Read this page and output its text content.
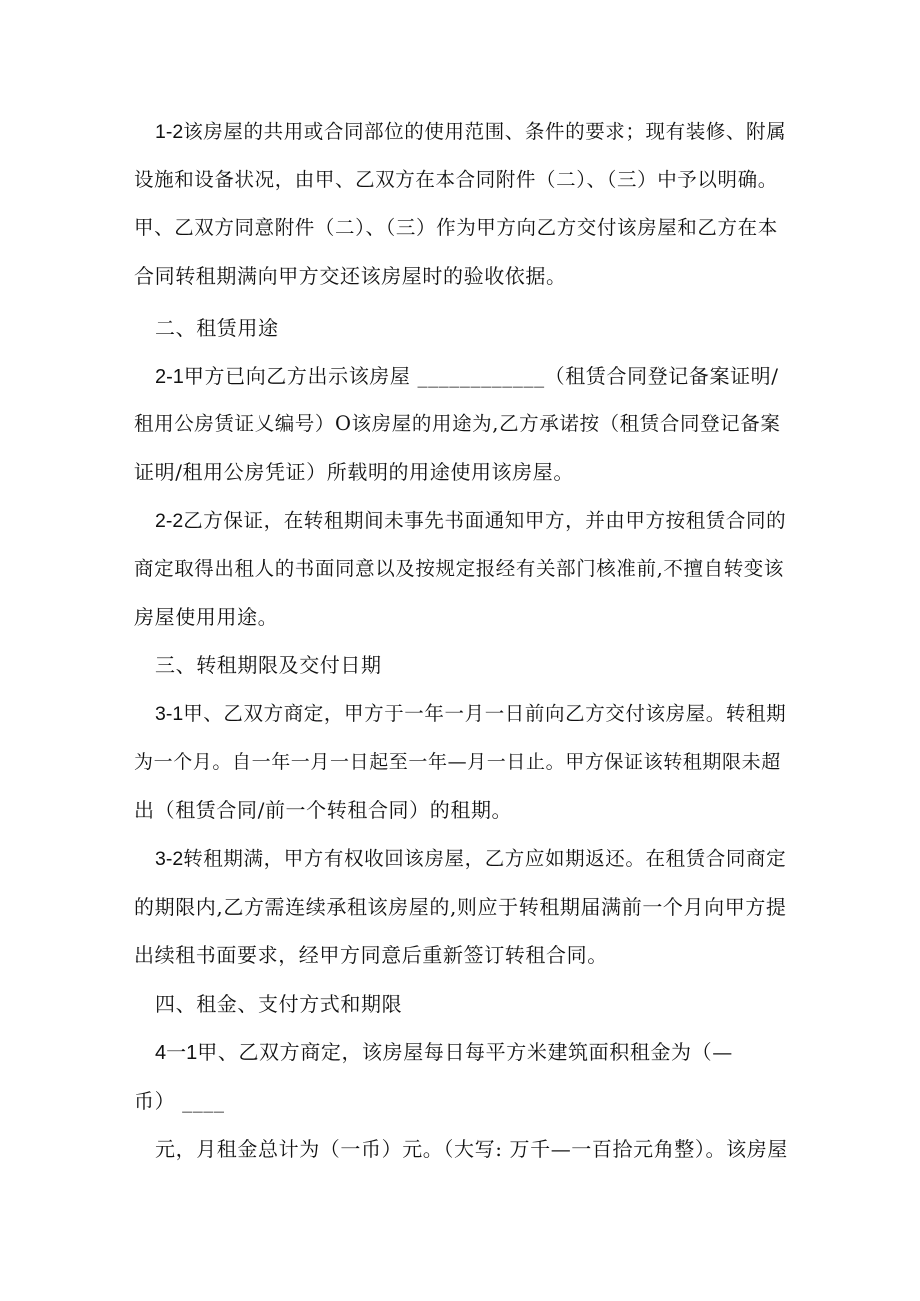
1-2该房屋的共用或合同部位的使用范围、条件的要求；现有装修、附属
设施和设备状况，由甲、乙双方在本合同附件（二）、（三）中予以明确。
甲、乙双方同意附件（二）、（三）作为甲方向乙方交付该房屋和乙方在本
合同转租期满向甲方交还该房屋时的验收依据。
二、租赁用途
2-1甲方已向乙方出示该房屋 ____________（租赁合同登记备案证明/
租用公房赁证乂编号）O该房屋的用途为,乙方承诺按（租赁合同登记备案
证明/租用公房凭证）所载明的用途使用该房屋。
2-2乙方保证，在转租期间未事先书面通知甲方，并由甲方按租赁合同的
商定取得出租人的书面同意以及按规定报经有关部门核准前,不擅自转变该
房屋使用用途。
三、转租期限及交付日期
3-1甲、乙双方商定，甲方于一年一月一日前向乙方交付该房屋。转租期
为一个月。自一年一月一日起至一年—月一日止。甲方保证该转租期限未超
出（租赁合同/前一个转租合同）的租期。
3-2转租期满，甲方有权收回该房屋，乙方应如期返还。在租赁合同商定
的期限内,乙方需连续承租该房屋的,则应于转租期届满前一个月向甲方提
出续租书面要求，经甲方同意后重新签订转租合同。
四、租金、支付方式和期限
4一1甲、乙双方商定，该房屋每日每平方米建筑面积租金为（—
币） ____
元，月租金总计为（一币）元。（大写: 万千—一百拾元角整）。该房屋
